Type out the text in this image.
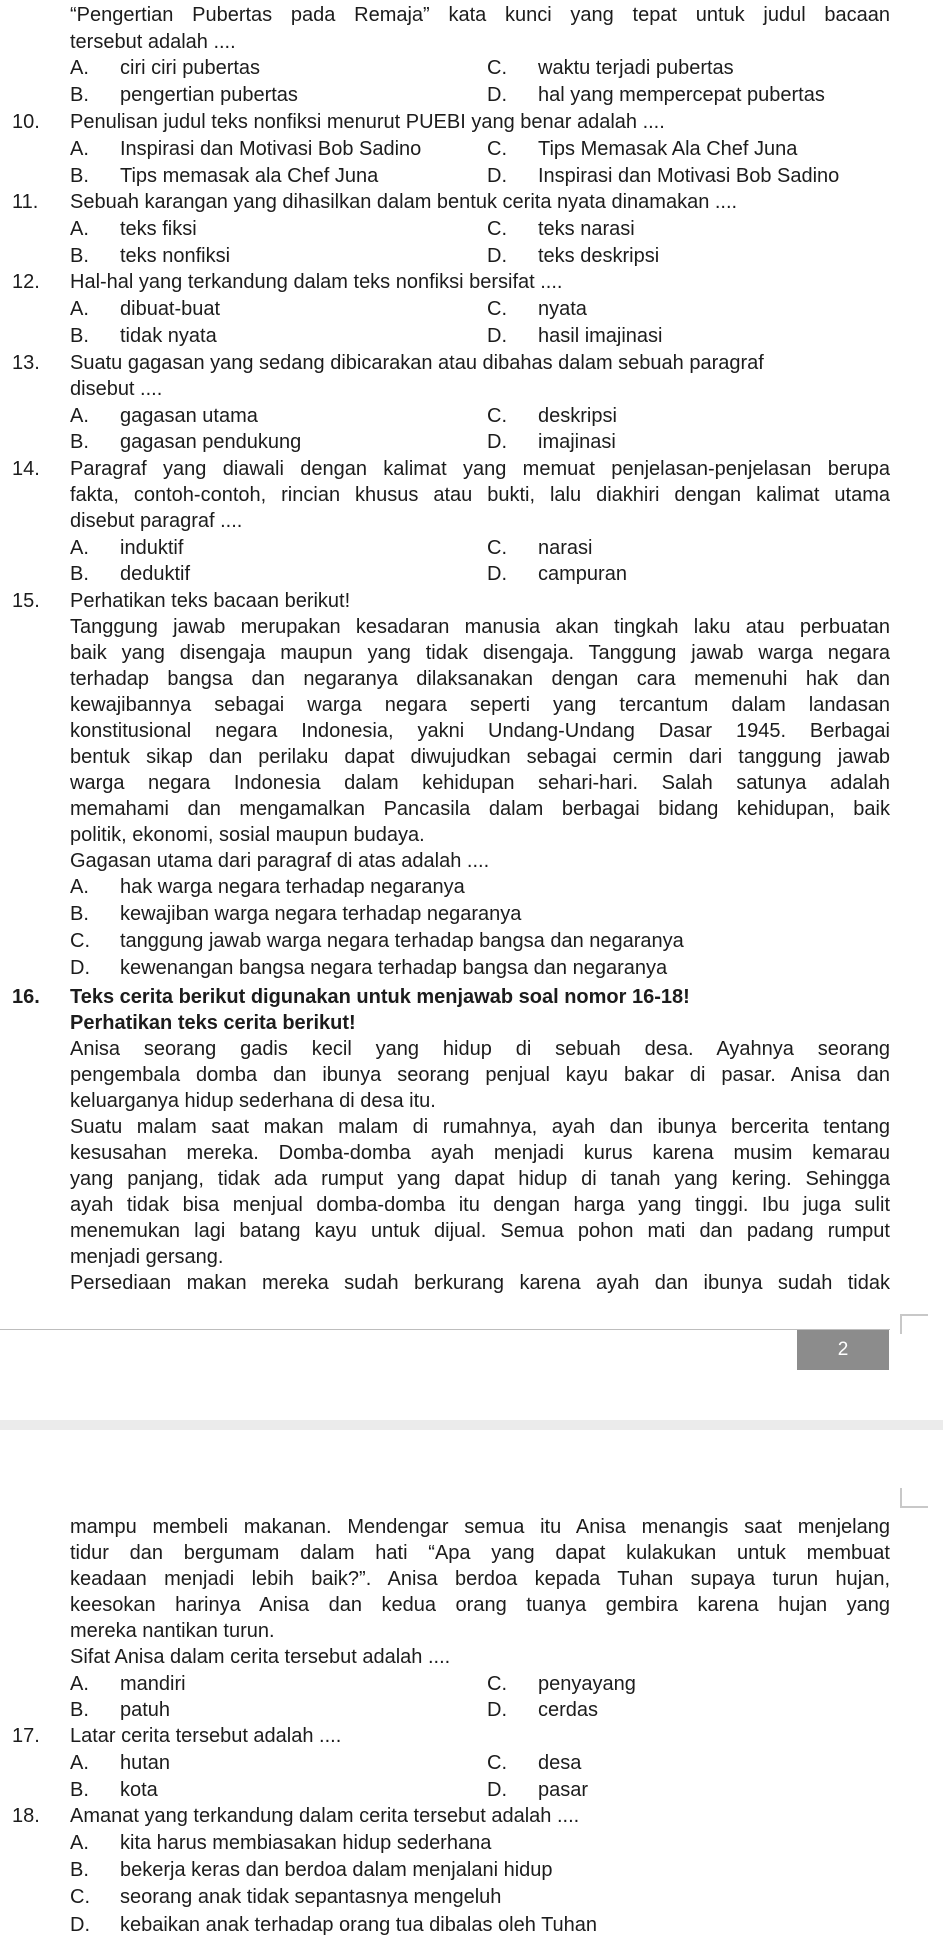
“Pengertian Pubertas pada Remaja” kata kunci yang tepat untuk judul bacaan
tersebut adalah ....
A. ciri ciri pubertas	C. waktu terjadi pubertas
B. pengertian pubertas	D. hal yang mempercepat pubertas
10. Penulisan judul teks nonfiksi menurut PUEBI yang benar adalah ....
A. Inspirasi dan Motivasi Bob Sadino	C. Tips Memasak Ala Chef Juna
B. Tips memasak ala Chef Juna	D. Inspirasi dan Motivasi Bob Sadino
11. Sebuah karangan yang dihasilkan dalam bentuk cerita nyata dinamakan ....
A. teks fiksi	C. teks narasi
B. teks nonfiksi	D. teks deskripsi
12. Hal-hal yang terkandung dalam teks nonfiksi bersifat ....
A. dibuat-buat	C. nyata
B. tidak nyata	D. hasil imajinasi
13. Suatu gagasan yang sedang dibicarakan atau dibahas dalam sebuah paragraf
disebut ....
A. gagasan utama	C. deskripsi
B. gagasan pendukung	D. imajinasi
14. Paragraf yang diawali dengan kalimat yang memuat penjelasan-penjelasan berupa
fakta, contoh-contoh, rincian khusus atau bukti, lalu diakhiri dengan kalimat utama
disebut paragraf ....
A. induktif	C. narasi
B. deduktif	D. campuran
15. Perhatikan teks bacaan berikut!
Tanggung jawab merupakan kesadaran manusia akan tingkah laku atau perbuatan
baik yang disengaja maupun yang tidak disengaja. Tanggung jawab warga negara
terhadap bangsa dan negaranya dilaksanakan dengan cara memenuhi hak dan
kewajibannya sebagai warga negara seperti yang tercantum dalam landasan
konstitusional negara Indonesia, yakni Undang-Undang Dasar 1945. Berbagai
bentuk sikap dan perilaku dapat diwujudkan sebagai cermin dari tanggung jawab
warga negara Indonesia dalam kehidupan sehari-hari. Salah satunya adalah
memahami dan mengamalkan Pancasila dalam berbagai bidang kehidupan, baik
politik, ekonomi, sosial maupun budaya.
Gagasan utama dari paragraf di atas adalah ....
A. hak warga negara terhadap negaranya
B. kewajiban warga negara terhadap negaranya
C. tanggung jawab warga negara terhadap bangsa dan negaranya
D. kewenangan bangsa negara terhadap bangsa dan negaranya
16. Teks cerita berikut digunakan untuk menjawab soal nomor 16-18!
Perhatikan teks cerita berikut!
Anisa seorang gadis kecil yang hidup di sebuah desa. Ayahnya seorang
pengembala domba dan ibunya seorang penjual kayu bakar di pasar. Anisa dan
keluarganya hidup sederhana di desa itu.
Suatu malam saat makan malam di rumahnya, ayah dan ibunya bercerita tentang
kesusahan mereka. Domba-domba ayah menjadi kurus karena musim kemarau
yang panjang, tidak ada rumput yang dapat hidup di tanah yang kering. Sehingga
ayah tidak bisa menjual domba-domba itu dengan harga yang tinggi. Ibu juga sulit
menemukan lagi batang kayu untuk dijual. Semua pohon mati dan padang rumput
menjadi gersang.
Persediaan makan mereka sudah berkurang karena ayah dan ibunya sudah tidak
2
mampu membeli makanan. Mendengar semua itu Anisa menangis saat menjelang
tidur dan bergumam dalam hati “Apa yang dapat kulakukan untuk membuat
keadaan menjadi lebih baik?”. Anisa berdoa kepada Tuhan supaya turun hujan,
keesokan harinya Anisa dan kedua orang tuanya gembira karena hujan yang
mereka nantikan turun.
Sifat Anisa dalam cerita tersebut adalah ....
A. mandiri	C. penyayang
B. patuh	D. cerdas
17. Latar cerita tersebut adalah ....
A. hutan	C. desa
B. kota	D. pasar
18. Amanat yang terkandung dalam cerita tersebut adalah ....
A. kita harus membiasakan hidup sederhana
B. bekerja keras dan berdoa dalam menjalani hidup
C. seorang anak tidak sepantasnya mengeluh
D. kebaikan anak terhadap orang tua dibalas oleh Tuhan
